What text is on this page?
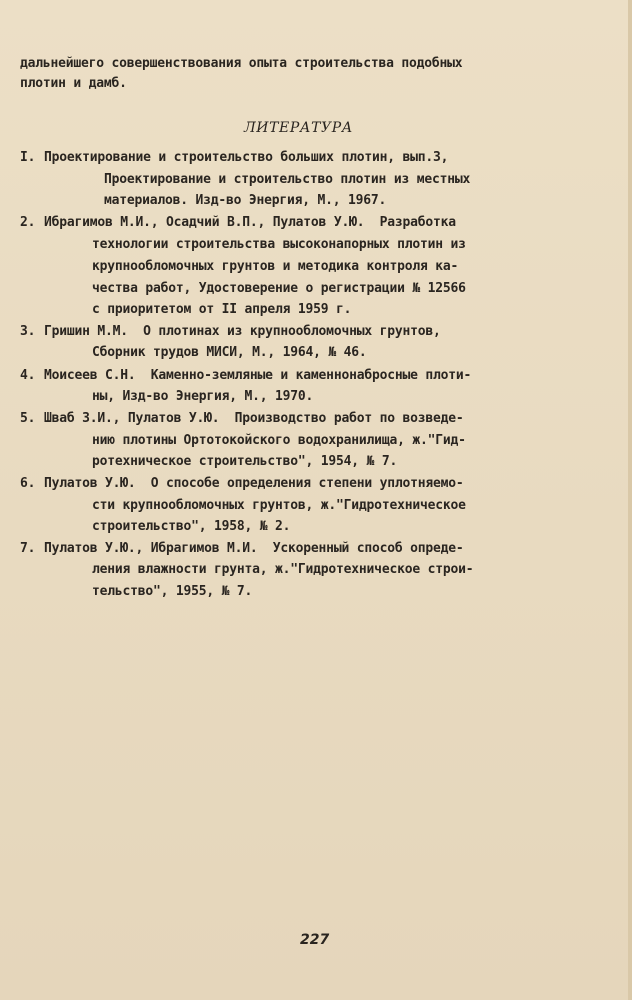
дальнейшего совершенствования опыта строительства подобных
плотин и дамб.
ЛИТЕРАТУРА
I. Проектирование и строительство больших плотин, вып.3,
Проектирование и строительство плотин из местных
материалов. Изд-во Энергия, М., 1967.
2. Ибрагимов М.И., Осадчий В.П., Пулатов У.Ю.  Разработка
технологии строительства высоконапорных плотин из
крупнообломочных грунтов и методика контроля ка-
чества работ, Удостоверение о регистрации № 12566
с приоритетом от II апреля 1959 г.
3. Гришин М.М.  О плотинах из крупнообломочных грунтов,
Сборник трудов МИСИ, М., 1964, № 46.
4. Моисеев С.Н.  Каменно-земляные и каменнонабросные плоти-
ны, Изд-во Энергия, М., 1970.
5. Шваб З.И., Пулатов У.Ю.  Производство работ по возведе-
нию плотины Ортотокойского водохранилища, ж."Гид-
ротехническое строительство", 1954, № 7.
6. Пулатов У.Ю.  О способе определения степени уплотняемо-
сти крупнообломочных грунтов, ж."Гидротехническое
строительство", 1958, № 2.
7. Пулатов У.Ю., Ибрагимов М.И.  Ускоренный способ опреде-
ления влажности грунта, ж."Гидротехническое строи-
тельство", 1955, № 7.
227
